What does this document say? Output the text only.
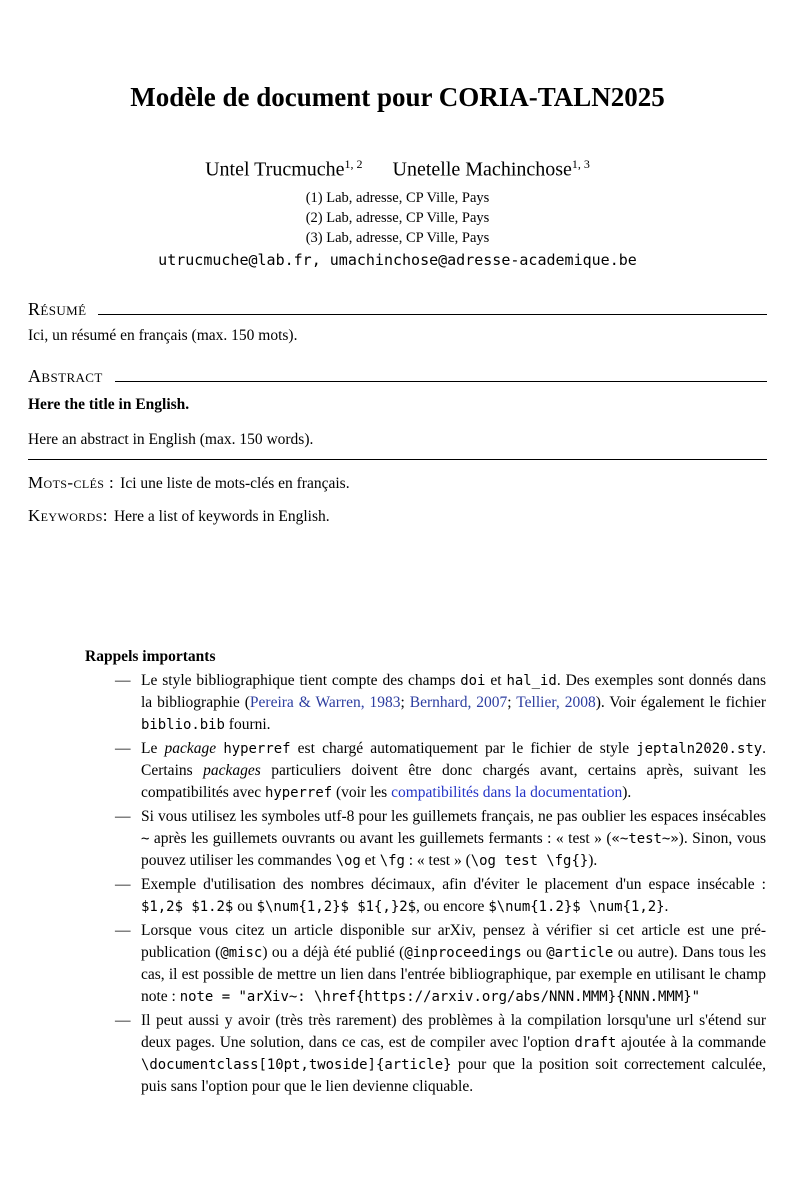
Modèle de document pour CORIA-TALN2025
Untel Trucmuche$^{1, 2}$ Unetelle Machinchose$^{1, 3}$
(1) Lab, adresse, CP Ville, Pays
(2) Lab, adresse, CP Ville, Pays
(3) Lab, adresse, CP Ville, Pays
utrucmuche@lab.fr, umachinchose@adresse-academique.be
Résumé

Ici, un résumé en français (max. 150 mots).

Abstract

Here the title in English.

Here an abstract in English (max. 150 words).

Mots-clés : Ici une liste de mots-clés en français.

Keywords: Here a list of keywords in English.

Rappels importants
— Le style bibliographique tient compte des champs doi et hal_id. Des exemples sont donnés dans la bibliographie (Pereira & Warren, 1983; Bernhard, 2007; Tellier, 2008). Voir également le fichier biblio.bib fourni.
— Le package hyperref est chargé automatiquement par le fichier de style jeptaln2020.sty. Certains packages particuliers doivent être donc chargés avant, certains après, suivant les compatibilités avec hyperref (voir les compatibilités dans la documentation).
— Si vous utilisez les symboles utf-8 pour les guillemets français, ne pas oublier les espaces insécables ~ après les guillemets ouvrants ou avant les guillemets fermants : « test » («~test~»). Sinon, vous pouvez utiliser les commandes \og et \fg : « test » (\og test \fg{}).
— Exemple d'utilisation des nombres décimaux, afin d'éviter le placement d'un espace insécable : $1,2$ $1.2$ ou $\num{1,2}$ $1{,}2$, ou encore $\num{1.2}$ \num{1,2}.
— Lorsque vous citez un article disponible sur arXiv, pensez à vérifier si cet article est une pré-publication (@misc) ou a déjà été publié (@inproceedings ou @article ou autre). Dans tous les cas, il est possible de mettre un lien dans l'entrée bibliographique, par exemple en utilisant le champ note : note = "arXiv~: \href{https://arxiv.org/abs/NNN.MMM}{NNN.MMM}"
— Il peut aussi y avoir (très très rarement) des problèmes à la compilation lorsqu'une url s'étend sur deux pages. Une solution, dans ce cas, est de compiler avec l'option draft ajoutée à la commande \documentclass[10pt,twoside]{article} pour que la position soit correctement calculée, puis sans l'option pour que le lien devienne cliquable.
